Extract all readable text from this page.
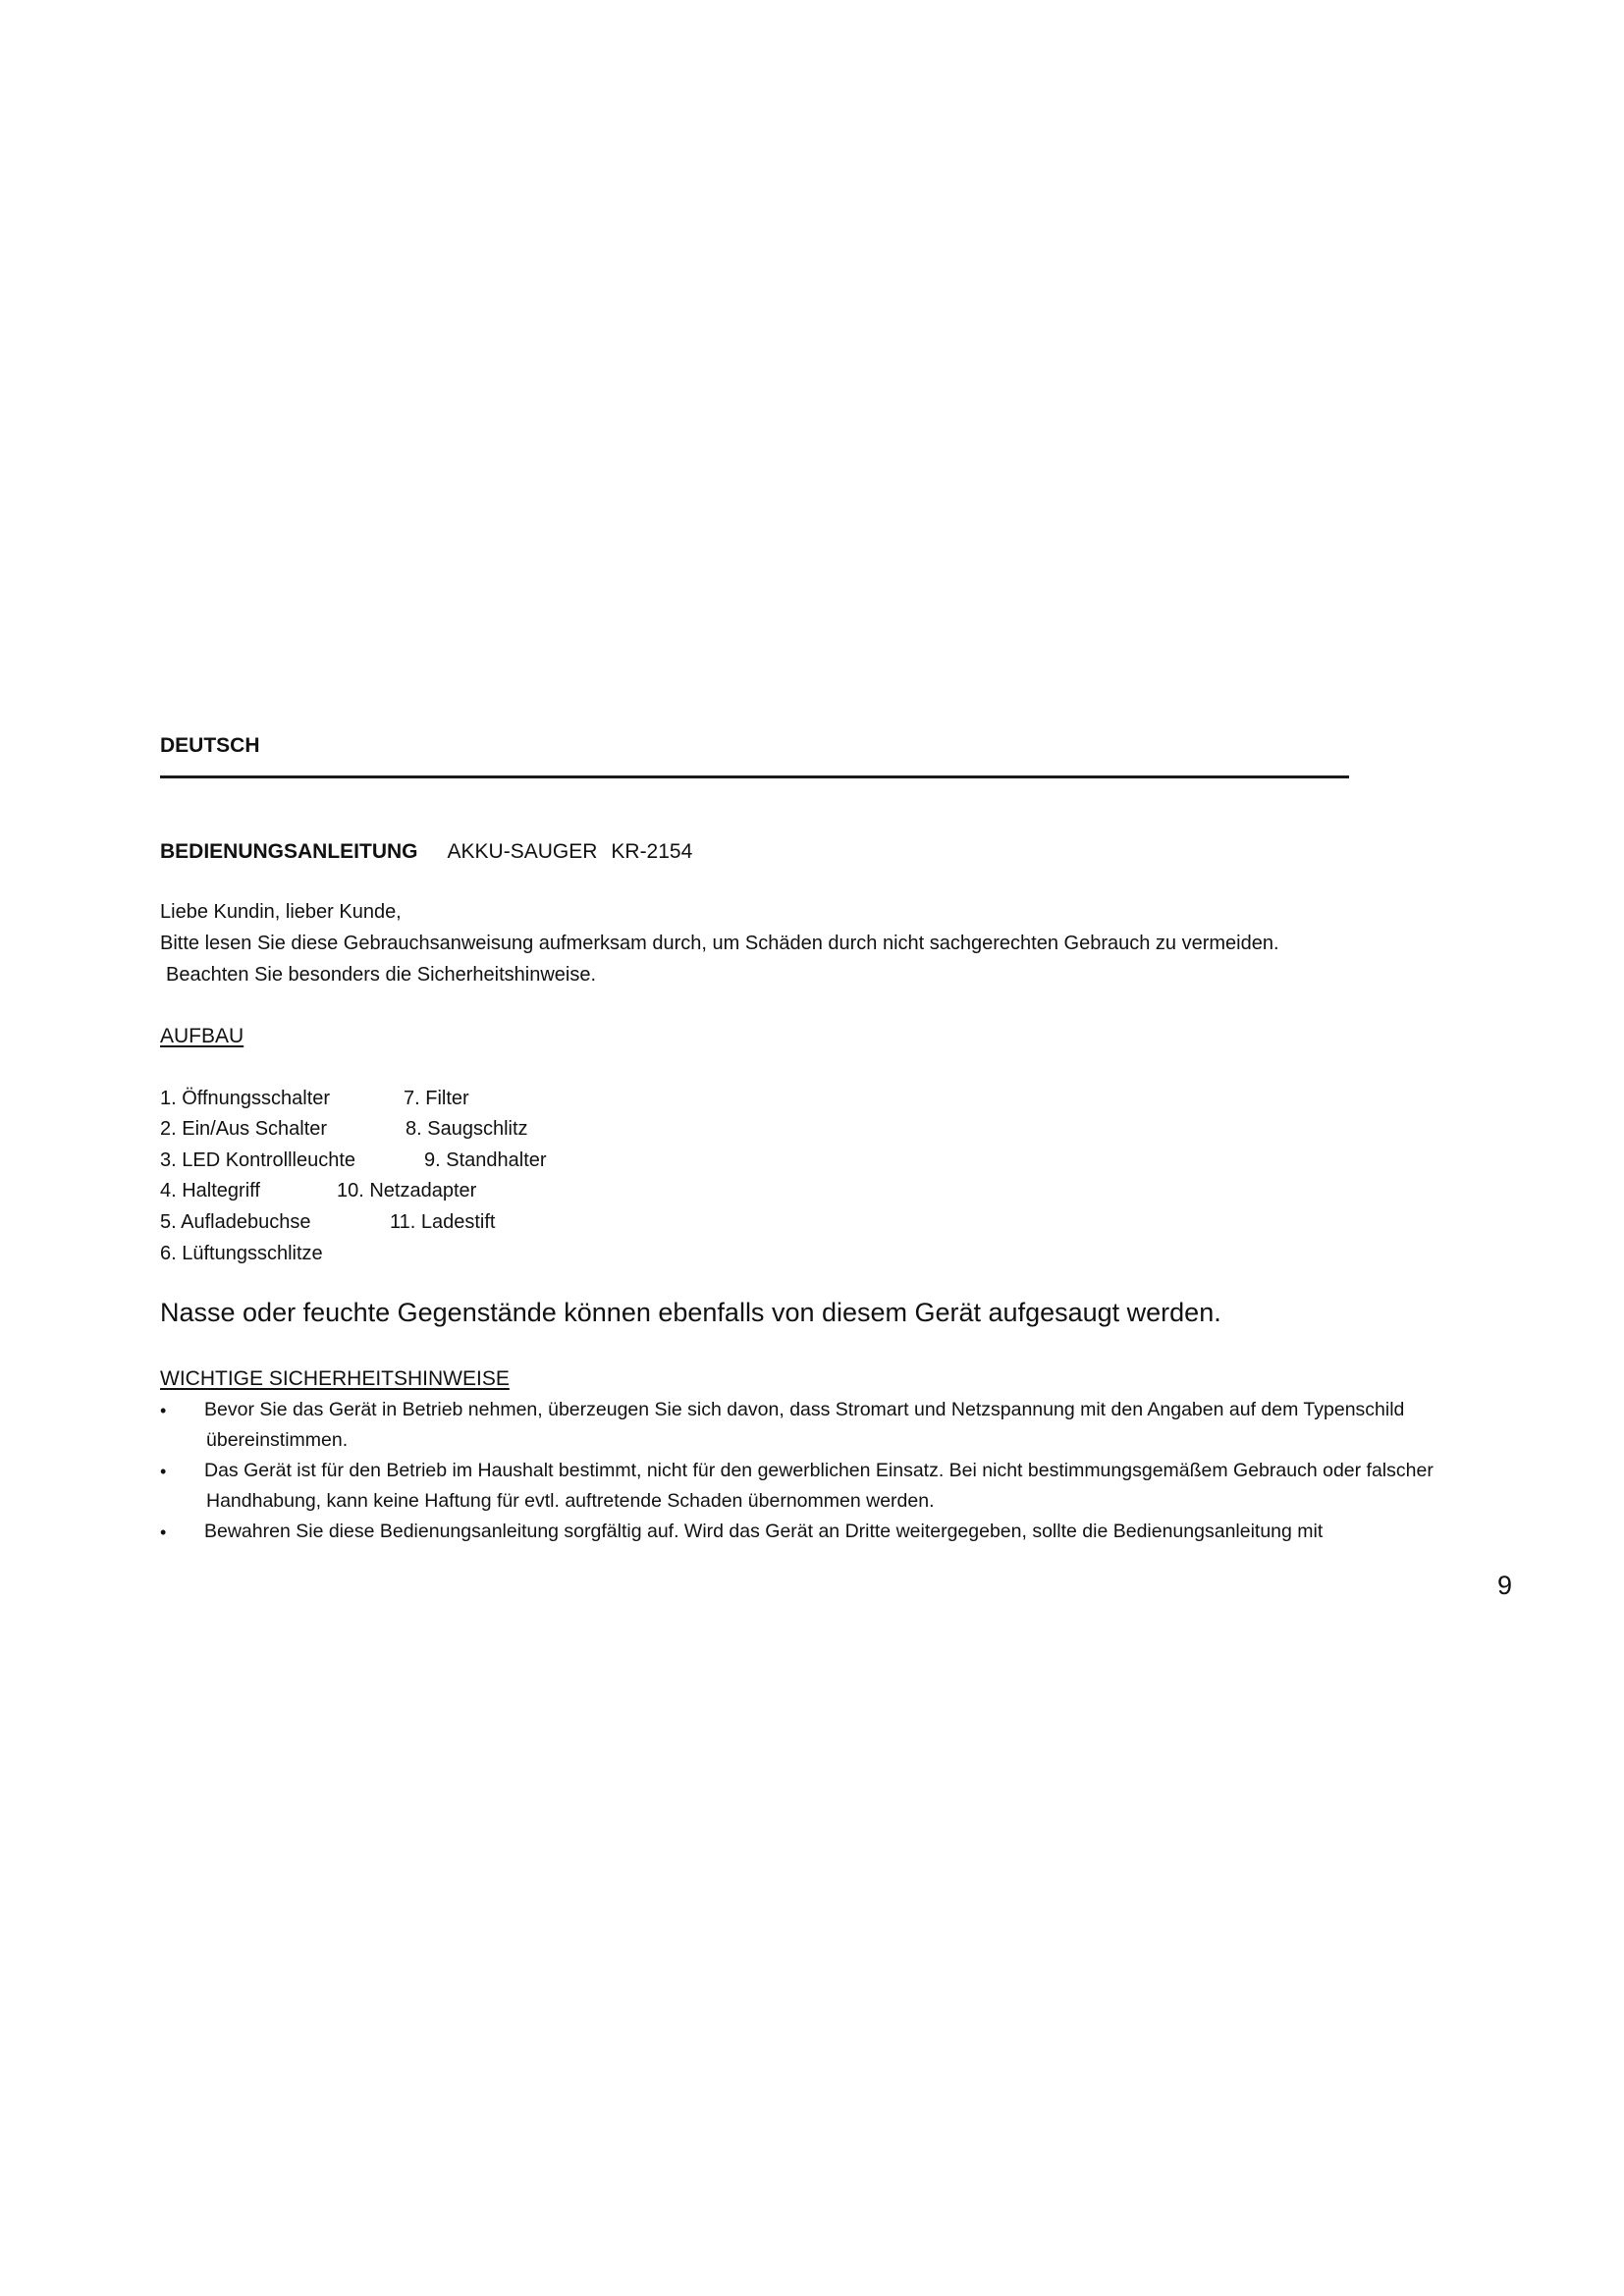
DEUTSCH
BEDIENUNGSANLEITUNG AKKU-SAUGER KR-2154
Liebe Kundin, lieber Kunde,
Bitte lesen Sie diese Gebrauchsanweisung aufmerksam durch, um Schäden durch nicht sachgerechten Gebrauch zu vermeiden.
Beachten Sie besonders die Sicherheitshinweise.
AUFBAU
1. Öffnungsschalter	7. Filter
2. Ein/Aus Schalter	8. Saugschlitz
3. LED Kontrollleuchte	9. Standhalter
4. Haltegriff	10. Netzadapter
5. Aufladebuchse	11. Ladestift
6. Lüftungsschlitze
Nasse oder feuchte Gegenstände können ebenfalls von diesem Gerät aufgesaugt werden.
WICHTIGE SICHERHEITSHINWEISE
• Bevor Sie das Gerät in Betrieb nehmen, überzeugen Sie sich davon, dass Stromart und Netzspannung mit den Angaben auf dem Typenschild
übereinstimmen.
• Das Gerät ist für den Betrieb im Haushalt bestimmt, nicht für den gewerblichen Einsatz. Bei nicht bestimmungsgemäßem Gebrauch oder falscher
Handhabung, kann keine Haftung für evtl. auftretende Schaden übernommen werden.
• Bewahren Sie diese Bedienungsanleitung sorgfältig auf. Wird das Gerät an Dritte weitergegeben, sollte die Bedienungsanleitung mit
9
